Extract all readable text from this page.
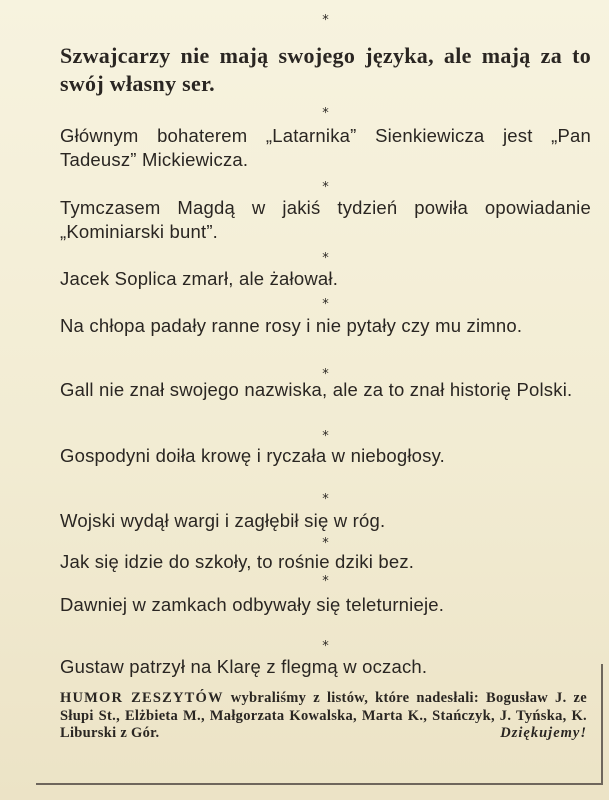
*

Szwajcarzy nie mają swojego języka, ale mają za to swój własny ser.

*

Głównym bohaterem „Latarnika” Sienkiewicza jest „Pan Tadeusz” Mickiewicza.

*

Tymczasem Magdą w jakiś tydzień powiła opowiadanie „Kominiarski bunt”.

*

Jacek Soplica zmarł, ale żałował.

*

Na chłopa padały ranne rosy i nie pytały czy mu zimno.

*

Gall nie znał swojego nazwiska, ale za to znał historię Polski.

*

Gospodyni doiła krowę i ryczała w niebogłosy.

*

Wojski wydął wargi i zagłębił się w róg.

*

Jak się idzie do szkoły, to rośnie dziki bez.

*

Dawniej w zamkach odbywały się teleturnieje.

*

Gustaw patrzył na Klarę z flegmą w oczach.

HUMOR ZESZYTÓW wybraliśmy z listów, które nadesłali: Bogusław J. ze Słupi St., Elżbieta M., Małgorzata Kowalska, Marta K., Stańczyk, J. Tyńska, K. Liburski z Gór.	Dziękujemy!
